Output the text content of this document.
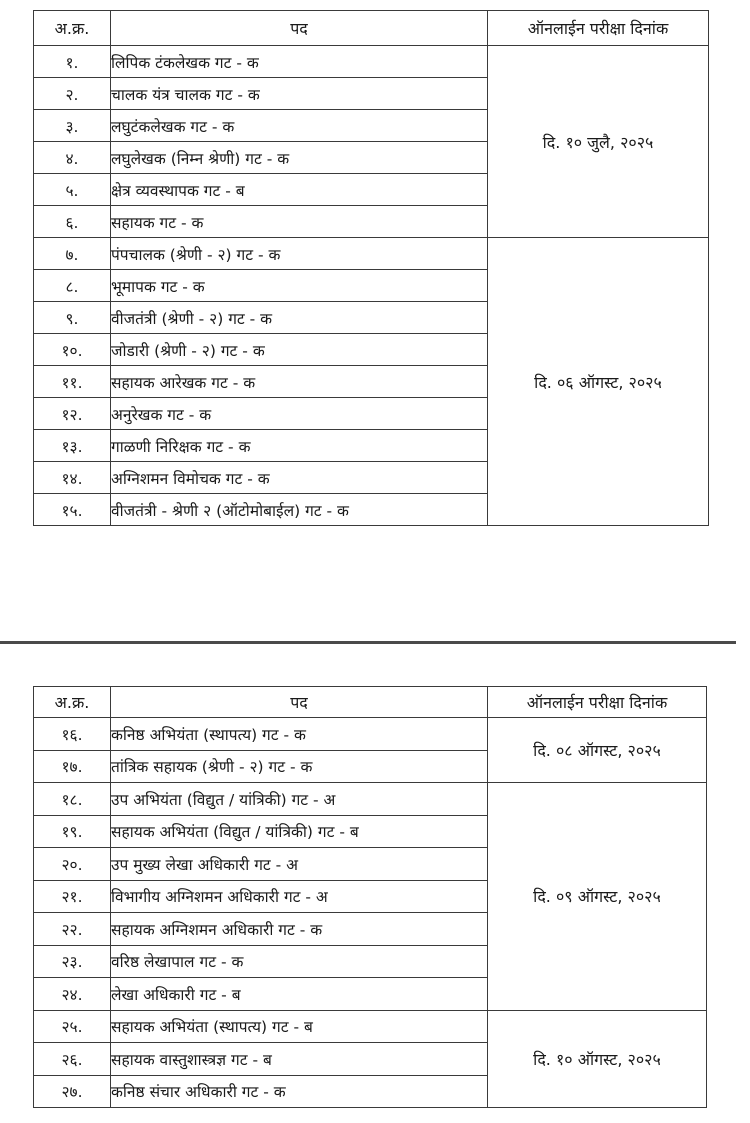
अ.क्र.	पद	ऑनलाईन परीक्षा दिनांक
१.	लिपिक टंकलेखक गट - क	दि. १० जुलै, २०२५
२.	चालक यंत्र चालक गट - क	
३.	लघुटंकलेखक गट - क	
४.	लघुलेखक (निम्न श्रेणी) गट - क	
५.	क्षेत्र व्यवस्थापक गट - ब	
६.	सहायक गट - क	
७.	पंपचालक (श्रेणी - २) गट - क	दि. ०६ ऑगस्ट, २०२५
८.	भूमापक गट - क	
९.	वीजतंत्री (श्रेणी - २) गट - क	
१०.	जोडारी (श्रेणी - २) गट - क	
११.	सहायक आरेखक गट - क	
१२.	अनुरेखक गट - क	
१३.	गाळणी निरिक्षक गट - क	
१४.	अग्निशमन विमोचक गट - क	
१५.	वीजतंत्री - श्रेणी २ (ऑटोमोबाईल) गट - क	
अ.क्र.	पद	ऑनलाईन परीक्षा दिनांक
१६.	कनिष्ठ अभियंता (स्थापत्य) गट - क	दि. ०८ ऑगस्ट, २०२५
१७.	तांत्रिक सहायक (श्रेणी - २) गट - क	
१८.	उप अभियंता (विद्युत / यांत्रिकी) गट - अ	दि. ०९ ऑगस्ट, २०२५
१९.	सहायक अभियंता (विद्युत / यांत्रिकी) गट - ब	
२०.	उप मुख्य लेखा अधिकारी गट - अ	
२१.	विभागीय अग्निशमन अधिकारी गट - अ	
२२.	सहायक अग्निशमन अधिकारी गट - क	
२३.	वरिष्ठ लेखापाल गट - क	
२४.	लेखा अधिकारी गट - ब	
२५.	सहायक अभियंता (स्थापत्य) गट - ब	दि. १० ऑगस्ट, २०२५
२६.	सहायक वास्तुशास्त्रज्ञ गट - ब	
२७.	कनिष्ठ संचार अधिकारी गट - क	
